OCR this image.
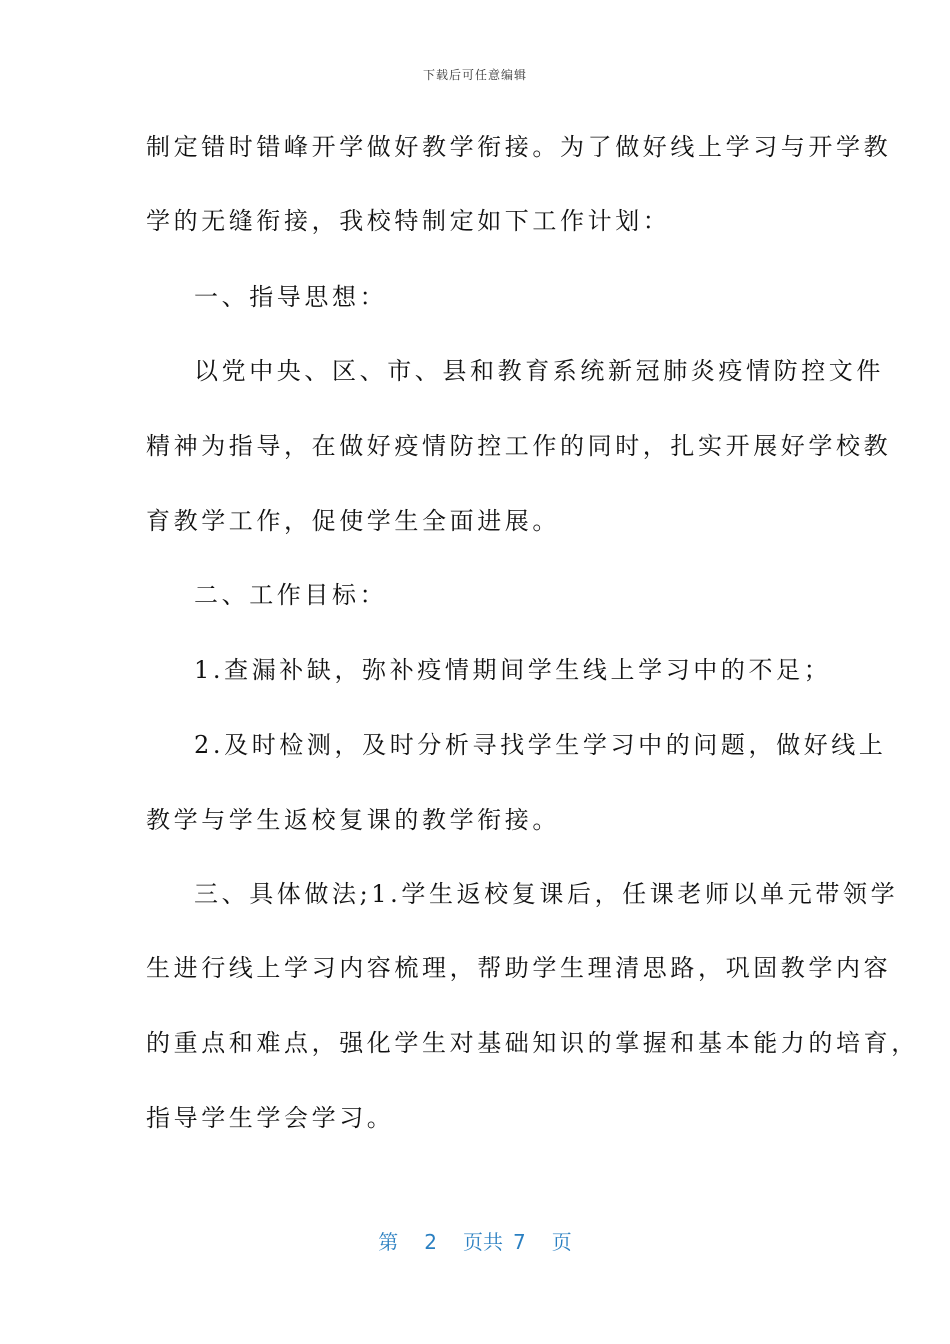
下载后可任意编辑
制定错时错峰开学做好教学衔接。为了做好线上学习与开学教
学的无缝衔接，我校特制定如下工作计划：
一、指导思想：
以党中央、区、市、县和教育系统新冠肺炎疫情防控文件
精神为指导，在做好疫情防控工作的同时，扎实开展好学校教
育教学工作，促使学生全面进展。
二、工作目标：
1.查漏补缺，弥补疫情期间学生线上学习中的不足；
2.及时检测，及时分析寻找学生学习中的问题，做好线上
教学与学生返校复课的教学衔接。
三、具体做法;1.学生返校复课后，任课老师以单元带领学
生进行线上学习内容梳理，帮助学生理清思路，巩固教学内容
的重点和难点，强化学生对基础知识的掌握和基本能力的培育，
指导学生学会学习。
第 2 页共 7 页
